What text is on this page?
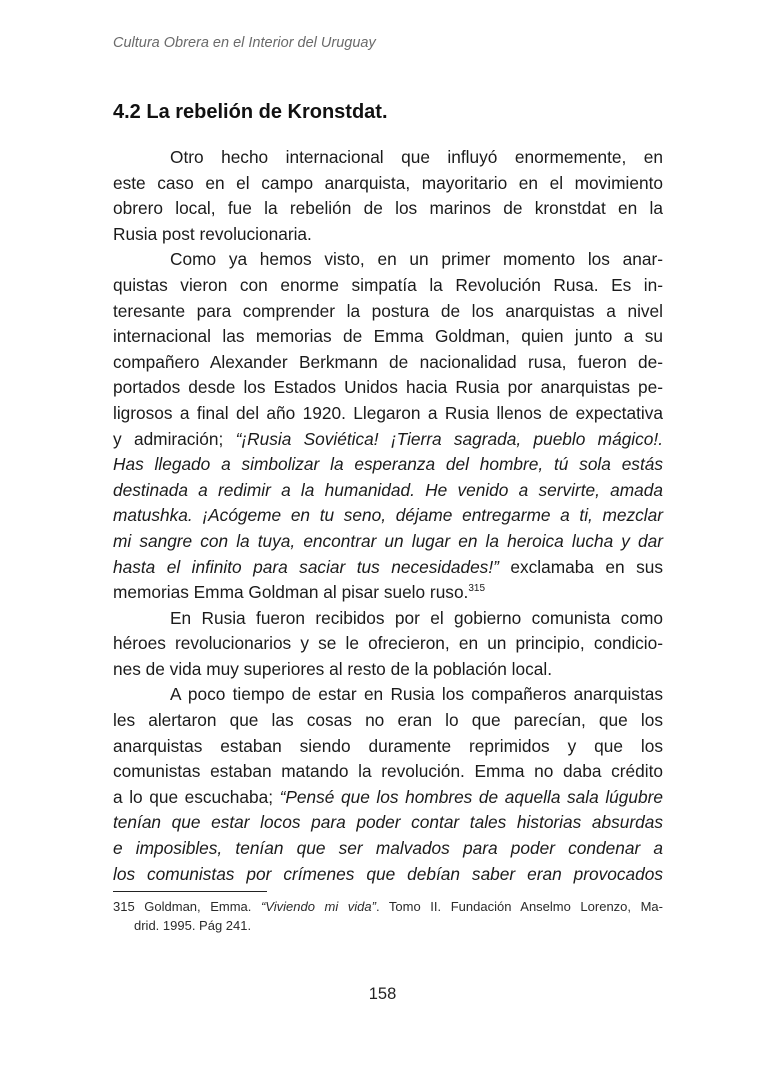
Cultura Obrera en el Interior del Uruguay
4.2 La rebelión de Kronstdat.

Otro hecho internacional que influyó enormemente, en
este caso en el campo anarquista, mayoritario en el movimiento
obrero local, fue la rebelión de los marinos de kronstdat en la
Rusia post revolucionaria.

Como ya hemos visto, en un primer momento los anar-
quistas vieron con enorme simpatía la Revolución Rusa. Es in-
teresante para comprender la postura de los anarquistas a nivel
internacional las memorias de Emma Goldman, quien junto a su
compañero Alexander Berkmann de nacionalidad rusa, fueron de-
portados desde los Estados Unidos hacia Rusia por anarquistas pe-
ligrosos a final del año 1920. Llegaron a Rusia llenos de expectativa
y admiración; “¡Rusia Soviética! ¡Tierra sagrada, pueblo mágico!.
Has llegado a simbolizar la esperanza del hombre, tú sola estás
destinada a redimir a la humanidad. He venido a servirte, amada
matushka. ¡Acógeme en tu seno, déjame entregarme a ti, mezclar
mi sangre con la tuya, encontrar un lugar en la heroica lucha y dar
hasta el infinito para saciar tus necesidades!” exclamaba en sus
memorias Emma Goldman al pisar suelo ruso.$^{315}$

En Rusia fueron recibidos por el gobierno comunista como
héroes revolucionarios y se le ofrecieron, en un principio, condicio-
nes de vida muy superiores al resto de la población local.

A poco tiempo de estar en Rusia los compañeros anarquistas
les alertaron que las cosas no eran lo que parecían, que los
anarquistas estaban siendo duramente reprimidos y que los
comunistas estaban matando la revolución. Emma no daba crédito
a lo que escuchaba; “Pensé que los hombres de aquella sala lúgubre
tenían que estar locos para poder contar tales historias absurdas
e imposibles, tenían que ser malvados para poder condenar a
los comunistas por crímenes que debían saber eran provocados

315 Goldman, Emma. “Viviendo mi vida”. Tomo II. Fundación Anselmo Lorenzo, Ma-
drid. 1995. Pág 241.
158
